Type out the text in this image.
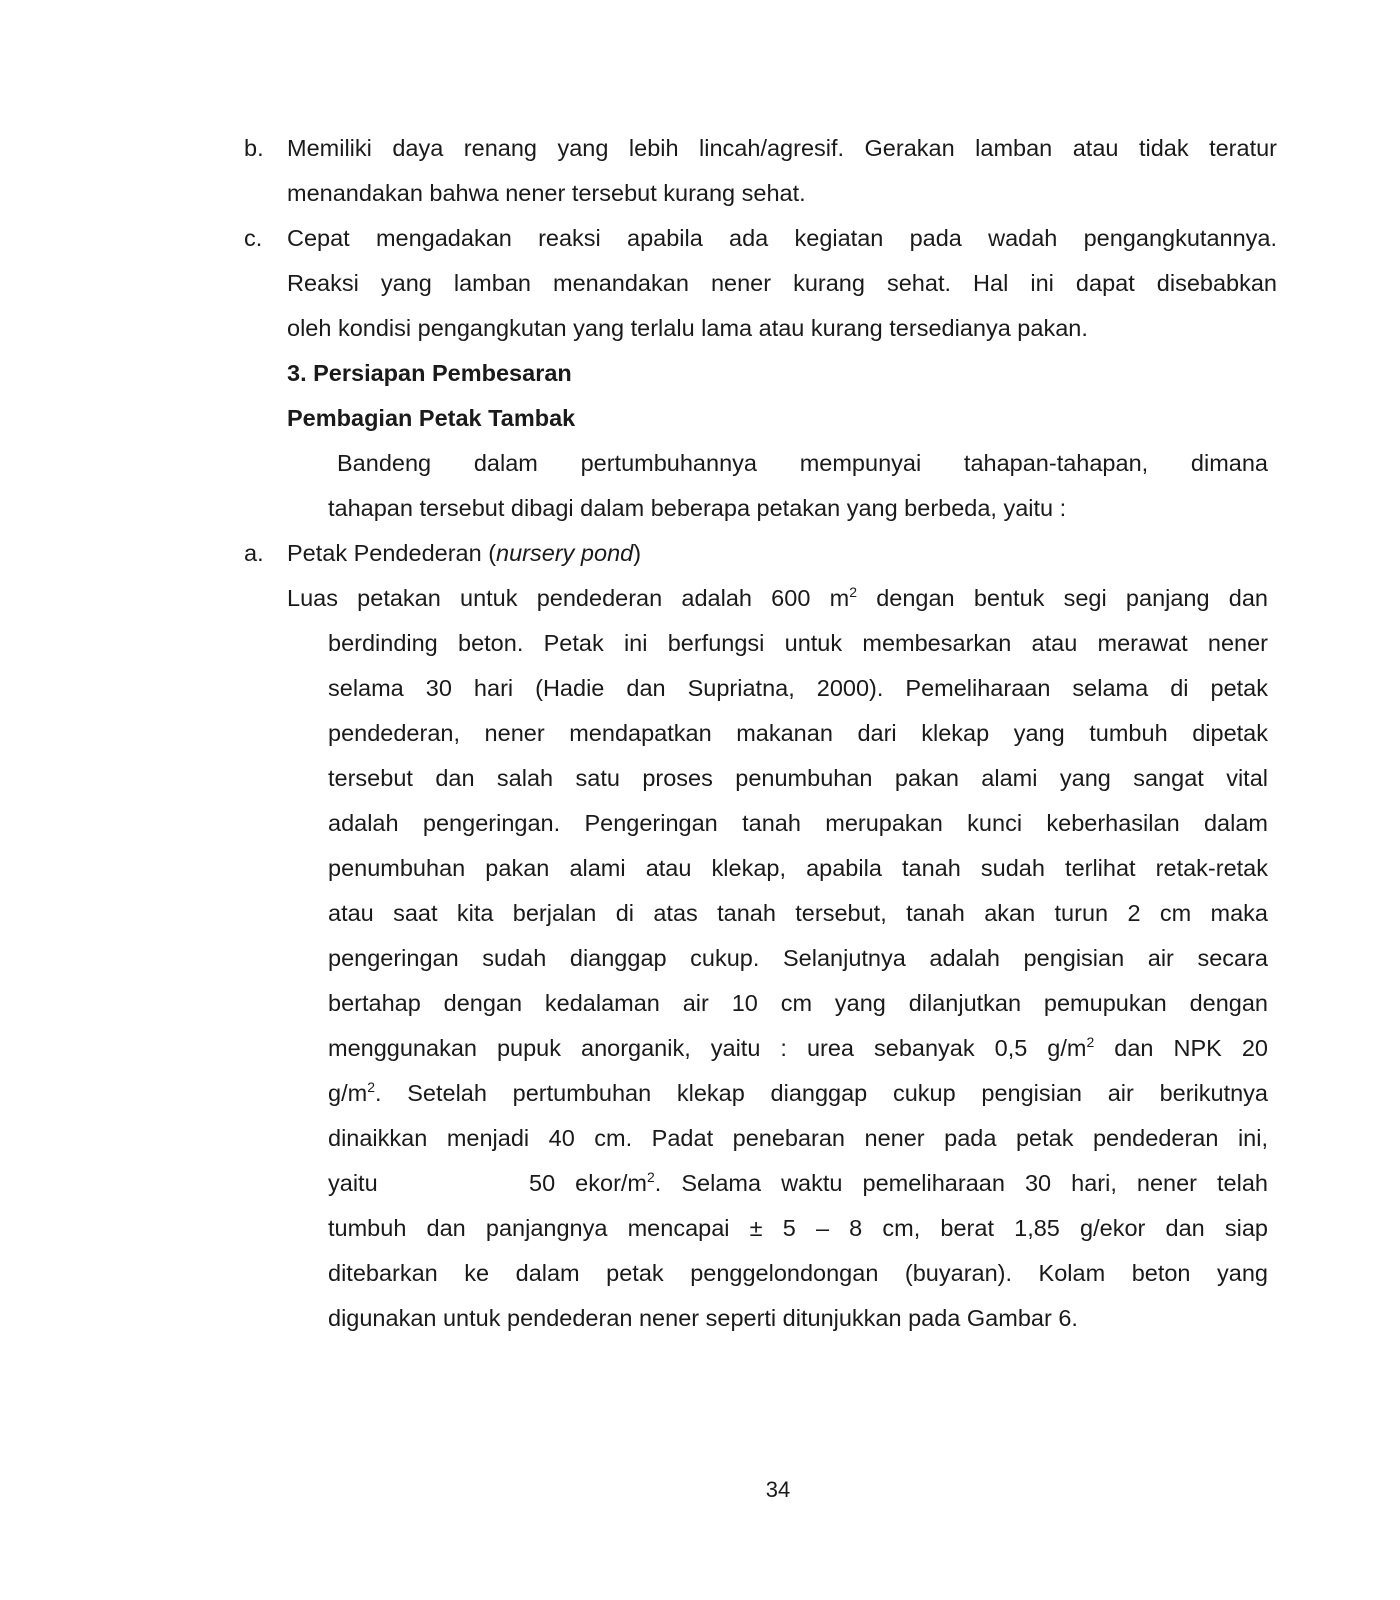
b. Memiliki daya renang yang lebih lincah/agresif. Gerakan lamban atau tidak teratur
menandakan bahwa nener tersebut kurang sehat.
c. Cepat mengadakan reaksi apabila ada kegiatan pada wadah pengangkutannya.
Reaksi yang lamban menandakan nener kurang sehat. Hal ini dapat disebabkan
oleh kondisi pengangkutan yang terlalu lama atau kurang tersedianya pakan.
3. Persiapan Pembesaran
Pembagian Petak Tambak
Bandeng dalam pertumbuhannya mempunyai tahapan-tahapan, dimana
tahapan tersebut dibagi dalam beberapa petakan yang berbeda, yaitu :
a. Petak Pendederan (nursery pond)
Luas petakan untuk pendederan adalah 600 $m^2$ dengan bentuk segi panjang dan
berdinding beton. Petak ini berfungsi untuk membesarkan atau merawat nener
selama 30 hari (Hadie dan Supriatna, 2000). Pemeliharaan selama di petak
pendederan, nener mendapatkan makanan dari klekap yang tumbuh dipetak
tersebut dan salah satu proses penumbuhan pakan alami yang sangat vital
adalah pengeringan. Pengeringan tanah merupakan kunci keberhasilan dalam
penumbuhan pakan alami atau klekap, apabila tanah sudah terlihat retak-retak
atau saat kita berjalan di atas tanah tersebut, tanah akan turun 2 cm maka
pengeringan sudah dianggap cukup. Selanjutnya adalah pengisian air secara
bertahap dengan kedalaman air 10 cm yang dilanjutkan pemupukan dengan
menggunakan pupuk anorganik, yaitu : urea sebanyak 0,5 $g/m^2$ dan NPK 20
$g/m^2$. Setelah pertumbuhan klekap dianggap cukup pengisian air berikutnya
dinaikkan menjadi 40 cm. Padat penebaran nener pada petak pendederan ini,
yaitu	50 ekor/$m^2$. Selama waktu pemeliharaan 30 hari, nener telah
tumbuh dan panjangnya mencapai ± 5 – 8 cm, berat 1,85 g/ekor dan siap
ditebarkan ke dalam petak penggelondongan (buyaran). Kolam beton yang
digunakan untuk pendederan nener seperti ditunjukkan pada Gambar 6.
34
